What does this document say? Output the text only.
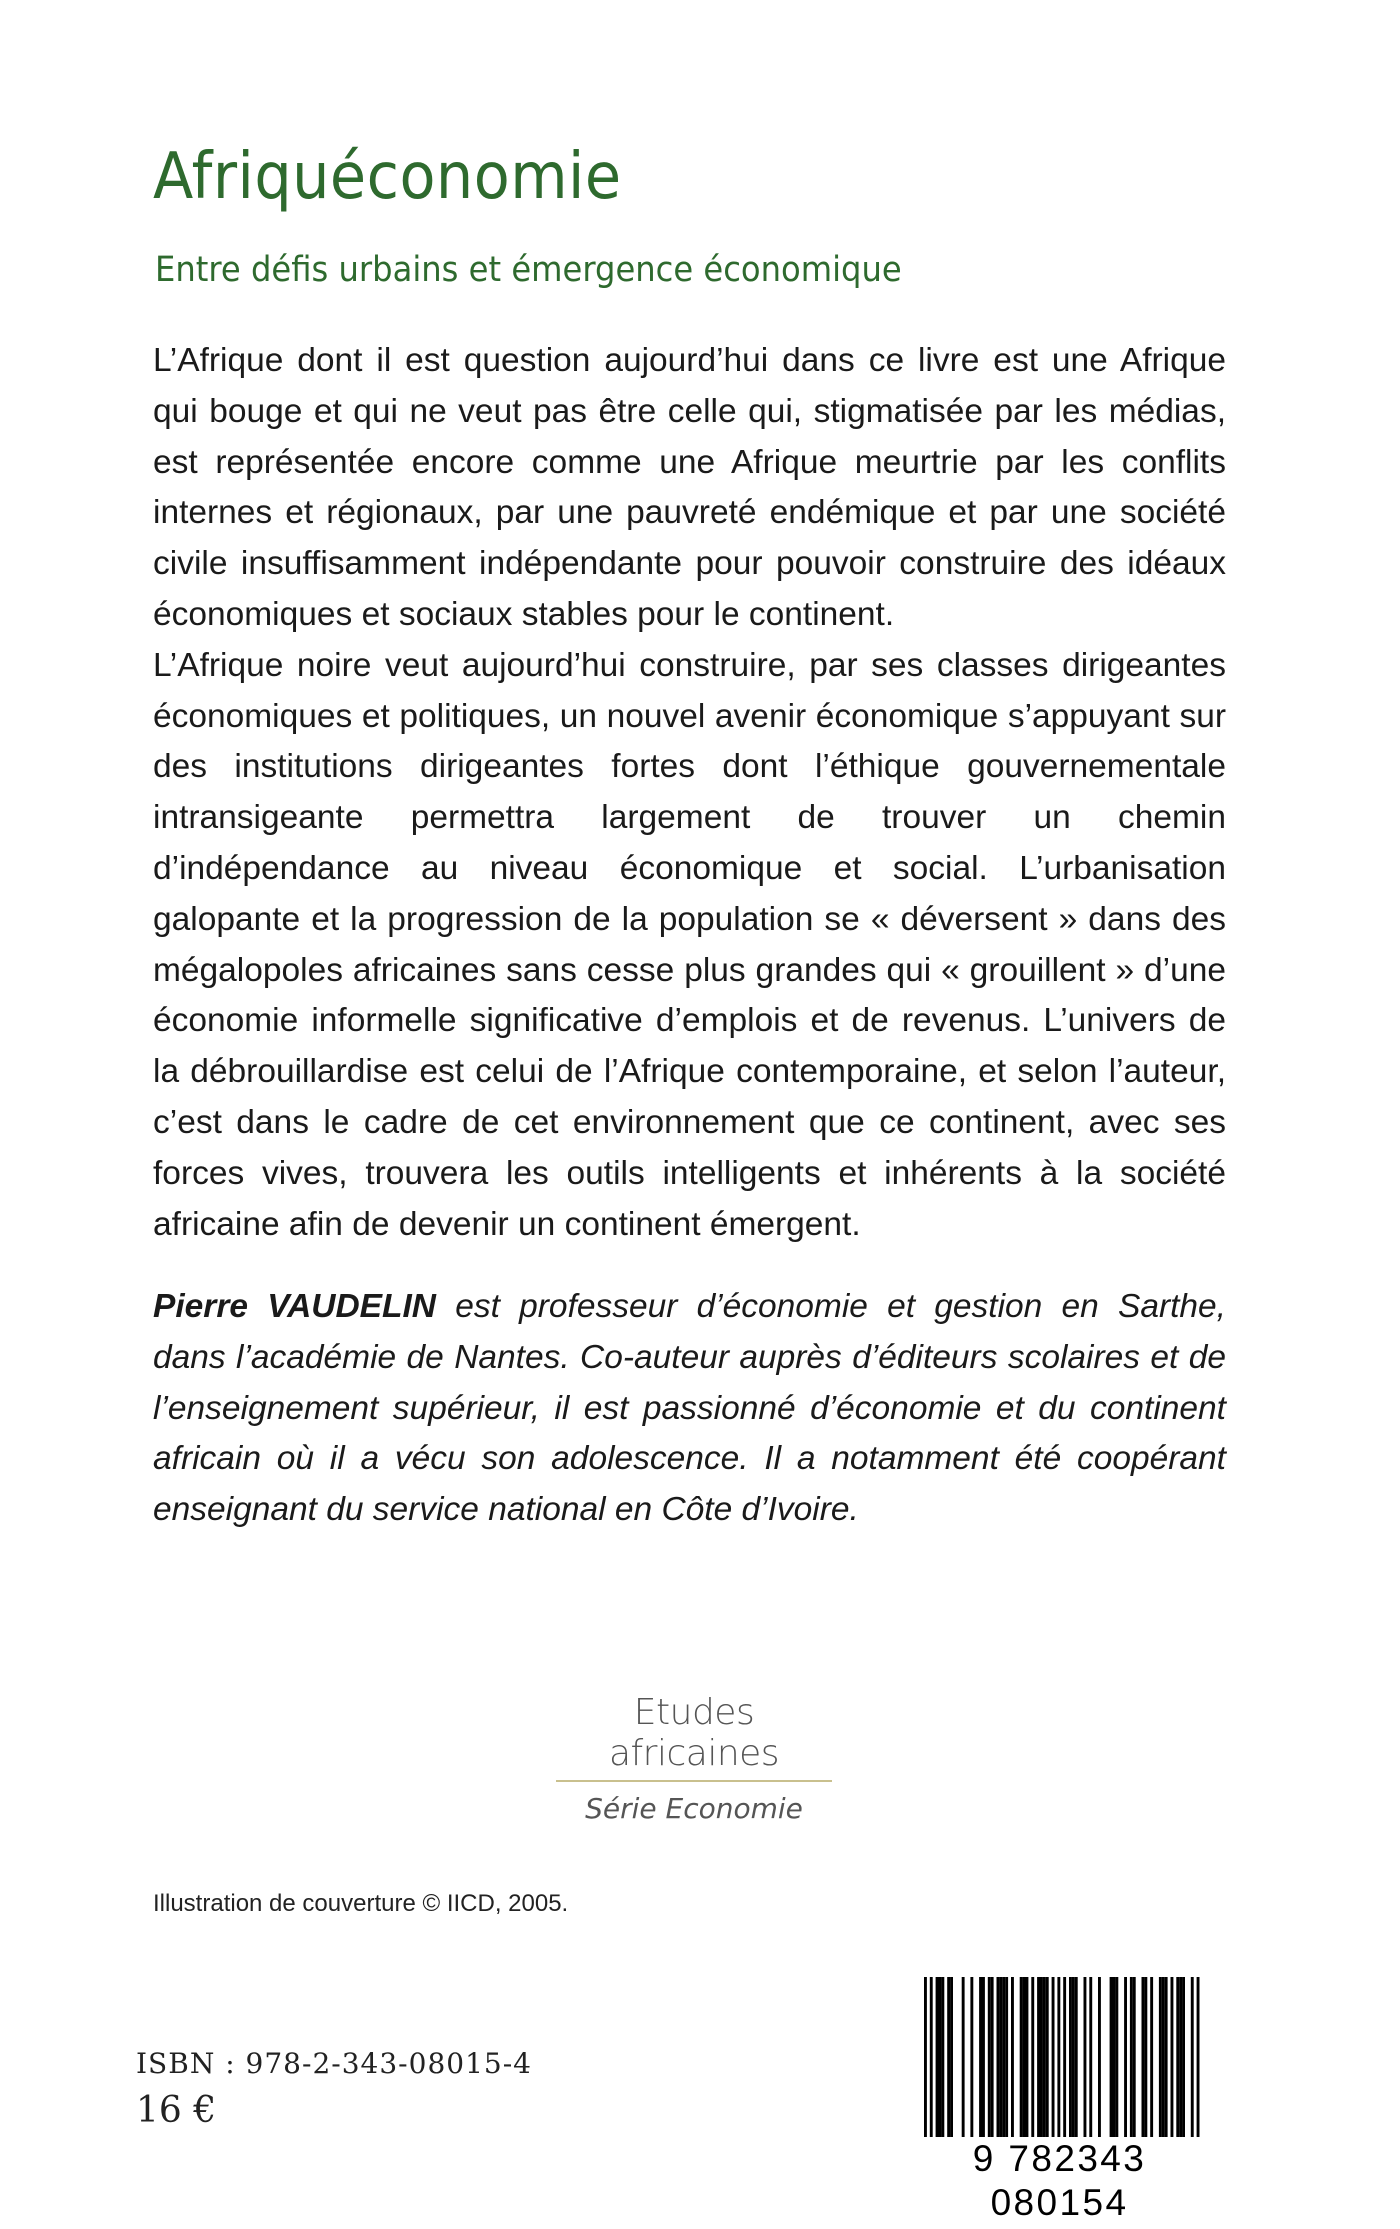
Afriquéconomie
Entre défis urbains et émergence économique

L’Afrique dont il est question aujourd’hui dans ce livre est une Afrique qui bouge et qui ne veut pas être celle qui, stigmatisée par les médias, est représentée encore comme une Afrique meurtrie par les conflits internes et régionaux, par une pauvreté endémique et par une société civile insuffisamment indépendante pour pouvoir construire des idéaux économiques et sociaux stables pour le continent.

L’Afrique noire veut aujourd’hui construire, par ses classes dirigeantes économiques et politiques, un nouvel avenir économique s’appuyant sur des institutions dirigeantes fortes dont l’éthique gouvernementale intransigeante permettra largement de trouver un chemin d’indépendance au niveau économique et social. L’urbanisation galopante et la progression de la population se « déversent » dans des mégalopoles africaines sans cesse plus grandes qui « grouillent » d’une économie informelle significative d’emplois et de revenus. L’univers de la débrouillardise est celui de l’Afrique contemporaine, et selon l’auteur, c’est dans le cadre de cet environnement que ce continent, avec ses forces vives, trouvera les outils intelligents et inhérents à la société africaine afin de devenir un continent émergent.

Pierre VAUDELIN est professeur d’économie et gestion en Sarthe, dans l’académie de Nantes. Co-auteur auprès d’éditeurs scolaires et de l’enseignement supérieur, il est passionné d’économie et du continent africain où il a vécu son adolescence. Il a notamment été coopérant enseignant du service national en Côte d’Ivoire.

Etudes africaines
Série Economie
Illustration de couverture © IICD, 2005.
ISBN : 978-2-343-08015-4
16 €
9 782343 080154
